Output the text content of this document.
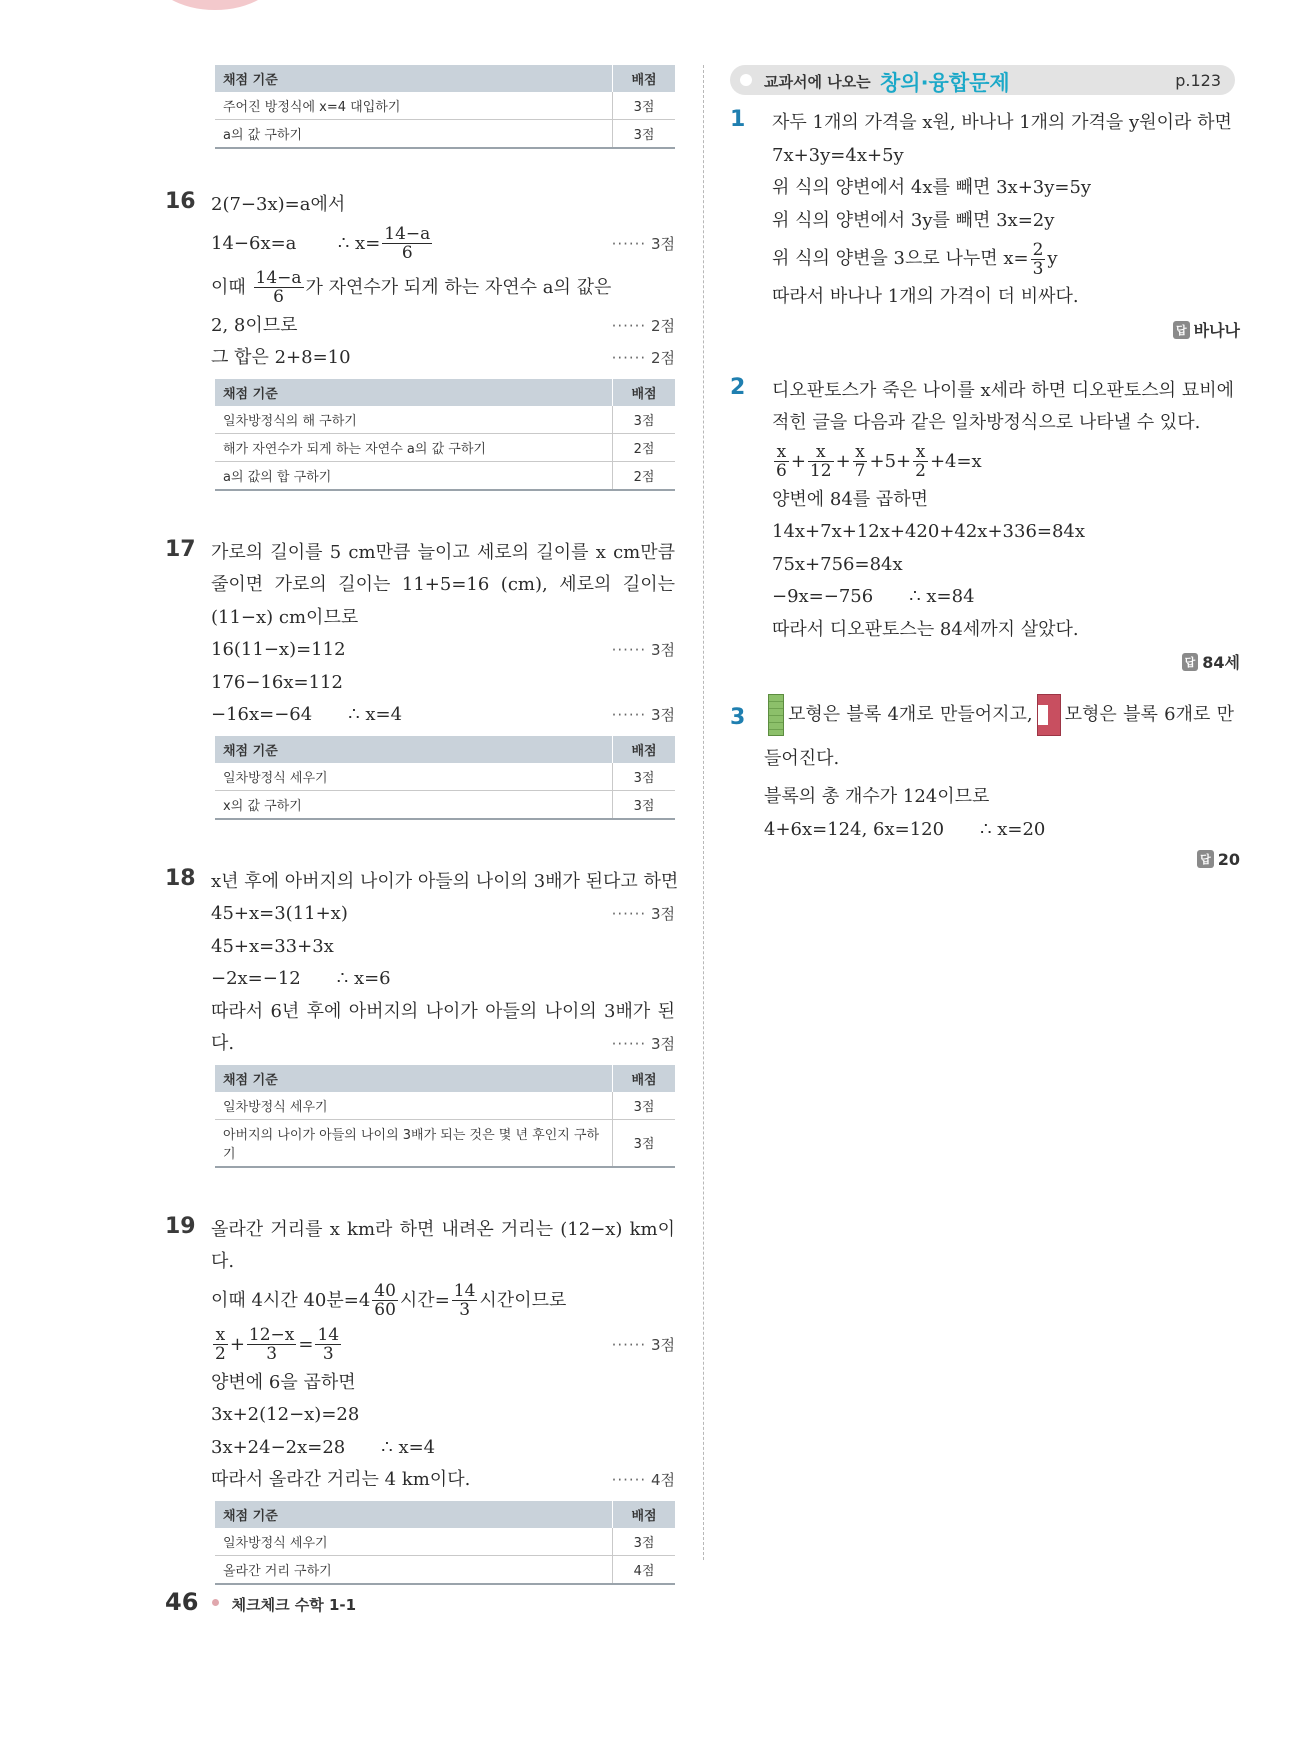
채점 기준	배점
주어진 방정식에 x=4 대입하기	3점
a의 값 구하기	3점
16 2(7−3x)=a에서
14−6x=a ∴ $x= \frac{14-a}{6}$	······ 3점
이때 $\frac{14-a}{6}$ 가 자연수가 되게 하는 자연수 a의 값은
2, 8이므로	······ 2점
그 합은 2+8=10	······ 2점
채점 기준	배점
일차방정식의 해 구하기	3점
해가 자연수가 되게 하는 자연수 a의 값 구하기	2점
a의 값의 합 구하기	2점
17 가로의 길이를 5 cm만큼 늘이고 세로의 길이를 x cm만큼 줄이면 가로의 길이는 11+5=16 (cm), 세로의 길이는 (11−x) cm이므로
16(11−x)=112	······ 3점
176−16x=112
−16x=−64 ∴ x=4	······ 3점
채점 기준	배점
일차방정식 세우기	3점
x의 값 구하기	3점
18 x년 후에 아버지의 나이가 아들의 나이의 3배가 된다고 하면
45+x=3(11+x)	······ 3점
45+x=33+3x
−2x=−12 ∴ x=6
따라서 6년 후에 아버지의 나이가 아들의 나이의 3배가 된다.	······ 3점
채점 기준	배점
일차방정식 세우기	3점
아버지의 나이가 아들의 나이의 3배가 되는 것은 몇 년 후인지 구하기	3점
19 올라간 거리를 x km라 하면 내려온 거리는 (12−x) km이다.
이때 4시간 40분$=4 \frac{40}{60}$ 시간= $\frac{14}{3}$ 시간이므로
$\frac{x}{2} + \frac{12-x}{3} = \frac{14}{3}$	······ 3점
양변에 6을 곱하면
3x+2(12−x)=28
3x+24−2x=28 ∴ x=4
따라서 올라간 거리는 4 km이다.	······ 4점
채점 기준	배점
일차방정식 세우기	3점
올라간 거리 구하기	4점
교과서에 나오는 창의·융합문제	p.123
1 자두 1개의 가격을 x원, 바나나 1개의 가격을 y원이라 하면
7x+3y=4x+5y
위 식의 양변에서 4x를 빼면 3x+3y=5y
위 식의 양변에서 3y를 빼면 3x=2y
위 식의 양변을 3으로 나누면 $x= \frac{2}{3}$ y
따라서 바나나 1개의 가격이 더 비싸다.
답 바나나
2 디오판토스가 죽은 나이를 x세라 하면 디오판토스의 묘비에 적힌 글을 다음과 같은 일차방정식으로 나타낼 수 있다.
$\frac{x}{6} + \frac{x}{12} + \frac{x}{7} +5+ \frac{x}{2} +4=x$
양변에 84를 곱하면
14x+7x+12x+420+42x+336=84x
75x+756=84x
−9x=−756 ∴ x=84
따라서 디오판토스는 84세까지 살았다.
답 84세
3	모형은 블록 4개로 만들어지고, 모형은 블록 6개로 만들어진다.
블록의 총 개수가 124이므로
4+6x=124, 6x=120 ∴ x=20
답 20
46 체크체크 수학 1-1
